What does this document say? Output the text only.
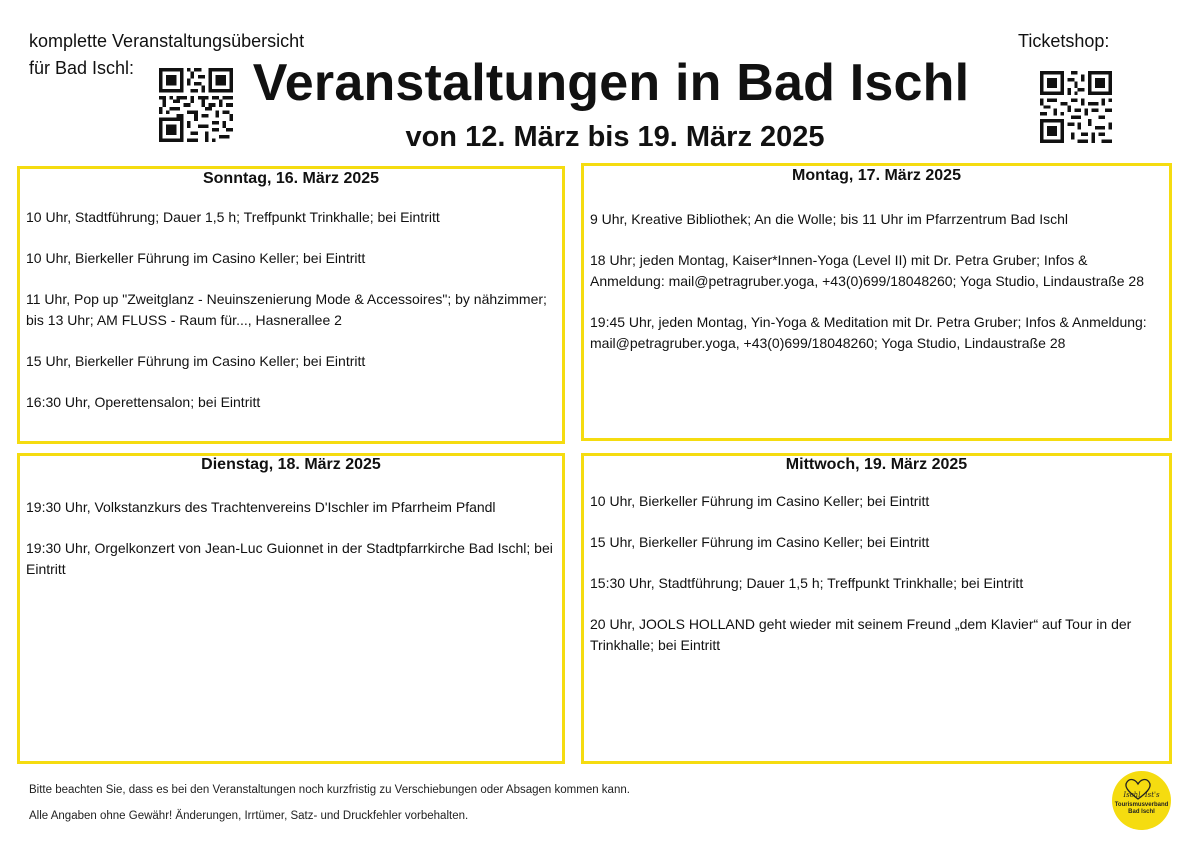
komplette Veranstaltungsübersicht
für Bad Ischl:	Veranstaltungen in Bad Ischl
von 12. März bis 19. März 2025
Ticketshop:
Sonntag, 16. März 2025
10 Uhr, Stadtführung; Dauer 1,5 h; Treffpunkt Trinkhalle; bei Eintritt
10 Uhr, Bierkeller Führung im Casino Keller; bei Eintritt
11 Uhr, Pop up "Zweitglanz - Neuinszenierung Mode & Accessoires"; by nähzimmer; bis 13 Uhr; AM FLUSS - Raum für..., Hasnerallee 2
15 Uhr, Bierkeller Führung im Casino Keller; bei Eintritt
16:30 Uhr, Operettensalon; bei Eintritt
Montag, 17. März 2025
9 Uhr, Kreative Bibliothek; An die Wolle; bis 11 Uhr im Pfarrzentrum Bad Ischl
18 Uhr; jeden Montag, Kaiser*Innen-Yoga (Level II) mit Dr. Petra Gruber; Infos & Anmeldung: mail@petragruber.yoga, +43(0)699/18048260; Yoga Studio, Lindaustraße 28
19:45 Uhr, jeden Montag, Yin-Yoga & Meditation mit Dr. Petra Gruber; Infos & Anmeldung: mail@petragruber.yoga, +43(0)699/18048260; Yoga Studio, Lindaustraße 28
Dienstag, 18. März 2025
19:30 Uhr, Volkstanzkurs des Trachtenvereins D'Ischler im Pfarrheim Pfandl
19:30 Uhr, Orgelkonzert von Jean-Luc Guionnet in der Stadtpfarrkirche Bad Ischl; bei Eintritt
Mittwoch, 19. März 2025
10 Uhr, Bierkeller Führung im Casino Keller; bei Eintritt
15 Uhr, Bierkeller Führung im Casino Keller; bei Eintritt
15:30 Uhr, Stadtführung; Dauer 1,5 h; Treffpunkt Trinkhalle; bei Eintritt
20 Uhr, JOOLS HOLLAND geht wieder mit seinem Freund „dem Klavier“ auf Tour in der Trinkhalle; bei Eintritt
Bitte beachten Sie, dass es bei den Veranstaltungen noch kurzfristig zu Verschiebungen oder Absagen kommen kann.
Alle Angaben ohne Gewähr! Änderungen, Irrtümer, Satz- und Druckfehler vorbehalten.
Ischl. Ist's
Tourismusverband
Bad Ischl
